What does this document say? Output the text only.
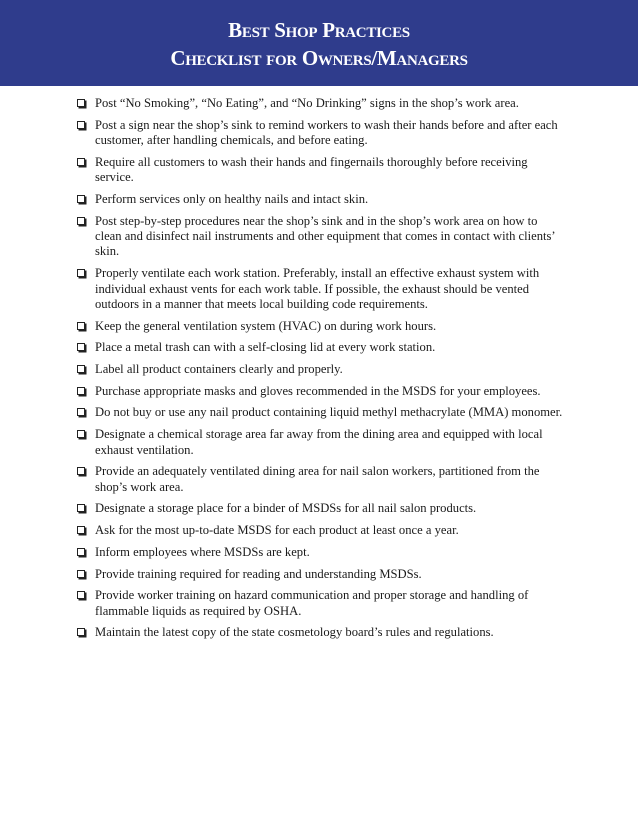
Best Shop Practices
Checklist for Owners/Managers
Post “No Smoking”, “No Eating”, and “No Drinking” signs in the shop’s work area.
Post a sign near the shop’s sink to remind workers to wash their hands before and after each customer, after handling chemicals, and before eating.
Require all customers to wash their hands and fingernails thoroughly before receiving service.
Perform services only on healthy nails and intact skin.
Post step-by-step procedures near the shop’s sink and in the shop’s work area on how to clean and disinfect nail instruments and other equipment that comes in contact with clients’ skin.
Properly ventilate each work station. Preferably, install an effective exhaust system with individual exhaust vents for each work table. If possible, the exhaust should be vented outdoors in a manner that meets local building code requirements.
Keep the general ventilation system (HVAC) on during work hours.
Place a metal trash can with a self-closing lid at every work station.
Label all product containers clearly and properly.
Purchase appropriate masks and gloves recommended in the MSDS for your employees.
Do not buy or use any nail product containing liquid methyl methacrylate (MMA) monomer.
Designate a chemical storage area far away from the dining area and equipped with local exhaust ventilation.
Provide an adequately ventilated dining area for nail salon workers, partitioned from the shop’s work area.
Designate a storage place for a binder of MSDSs for all nail salon products.
Ask for the most up-to-date MSDS for each product at least once a year.
Inform employees where MSDSs are kept.
Provide training required for reading and understanding MSDSs.
Provide worker training on hazard communication and proper storage and handling of flammable liquids as required by OSHA.
Maintain the latest copy of the state cosmetology board’s rules and regulations.
